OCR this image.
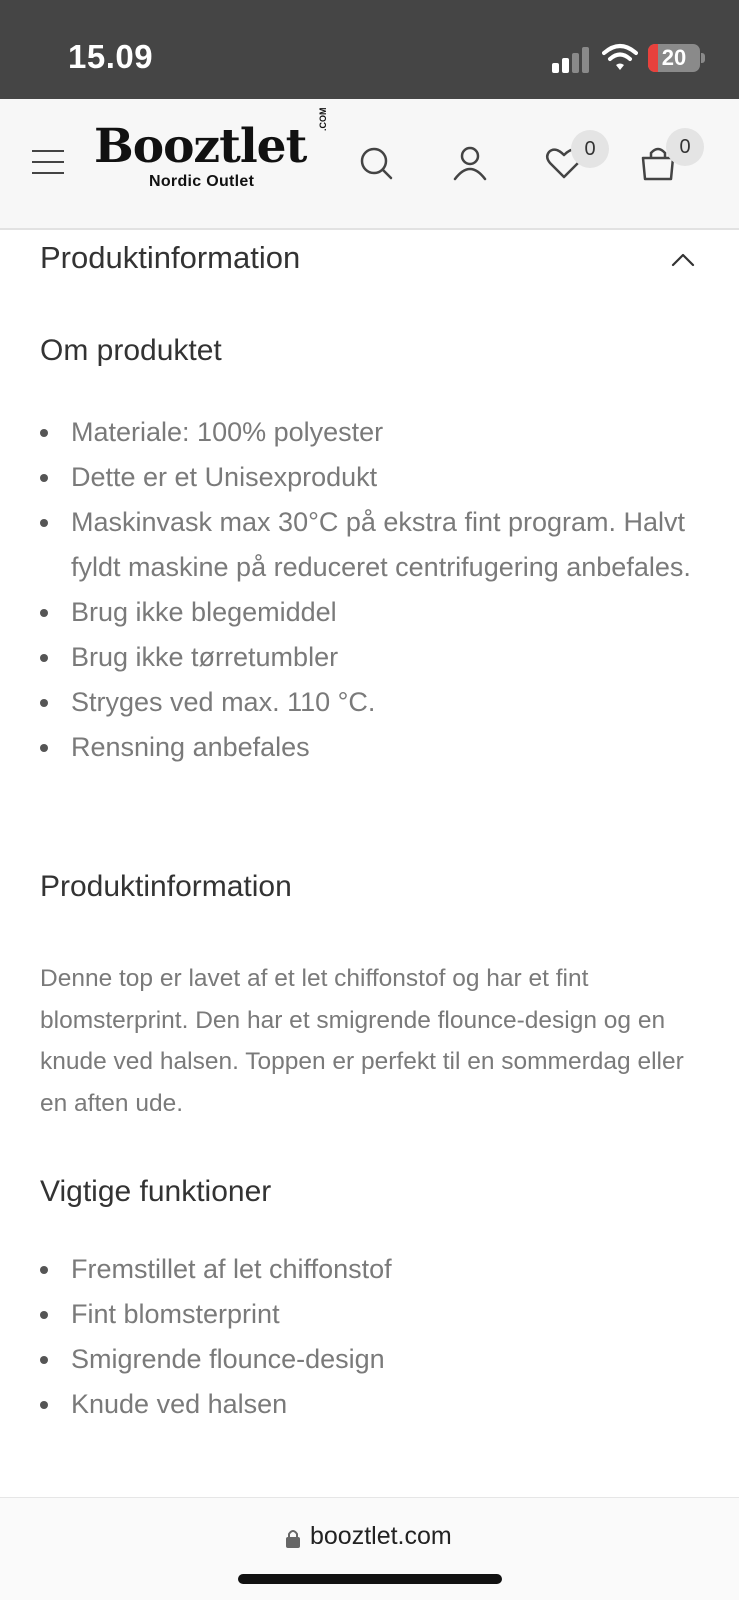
15.09	20
Booztlet .COM
Nordic Outlet
0	0
Produktinformation
Om produktet
Materiale: 100% polyester
Dette er et Unisexprodukt
Maskinvask max 30°C på ekstra fint program. Halvt fyldt maskine på reduceret centrifugering anbefales.
Brug ikke blegemiddel
Brug ikke tørretumbler
Stryges ved max. 110 °C.
Rensning anbefales
Produktinformation
Denne top er lavet af et let chiffonstof og har et fint blomsterprint. Den har et smigrende flounce-design og en knude ved halsen. Toppen er perfekt til en sommerdag eller en aften ude.
Vigtige funktioner
Fremstillet af let chiffonstof
Fint blomsterprint
Smigrende flounce-design
Knude ved halsen
booztlet.com
